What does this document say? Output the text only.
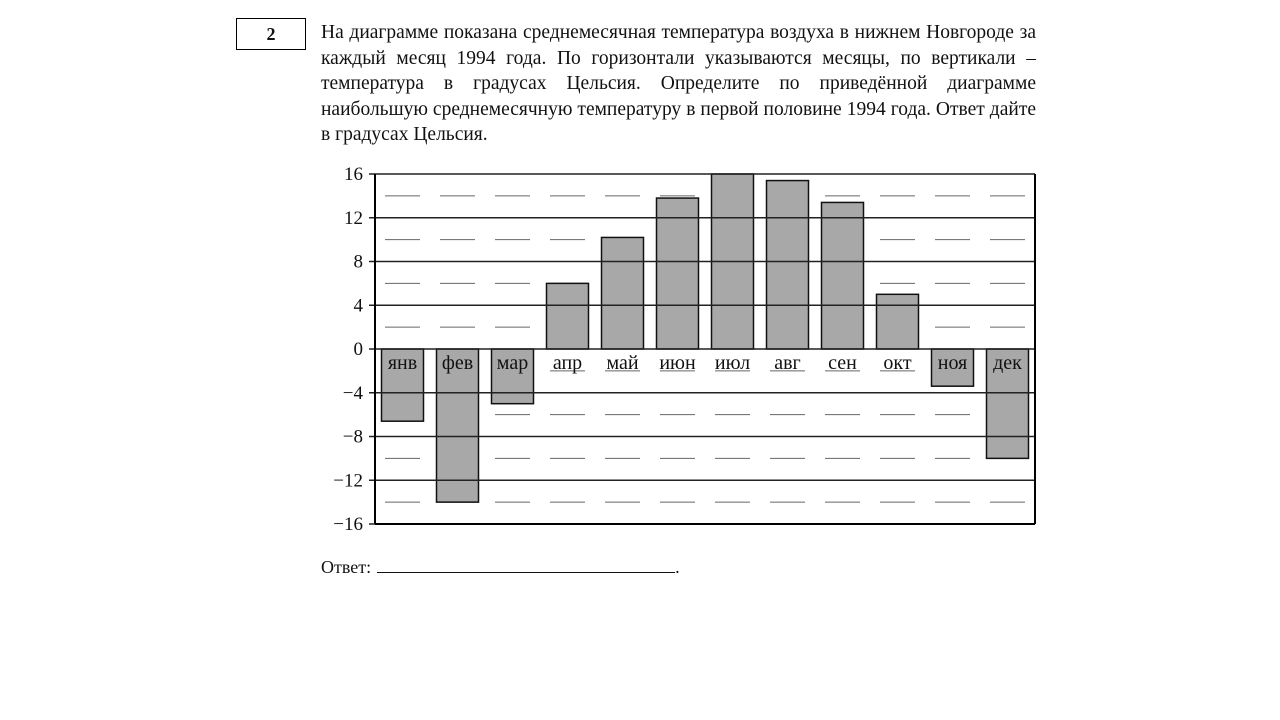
2 На диаграмме показана среднемесячная температура воздуха в нижнем Новгороде за каждый месяц 1994 года. По горизонтали указываются месяцы, по вертикали – температура в градусах Цельсия. Определите по приведённой диаграмме наибольшую среднемесячную температуру в первой половине 1994 года. Ответ дайте в градусах Цельсия.
16
12
8
4
0
−4
−8
−12
−16
янв фев мар апр май июн июл авг сен окт ноя дек
Ответ:	.
